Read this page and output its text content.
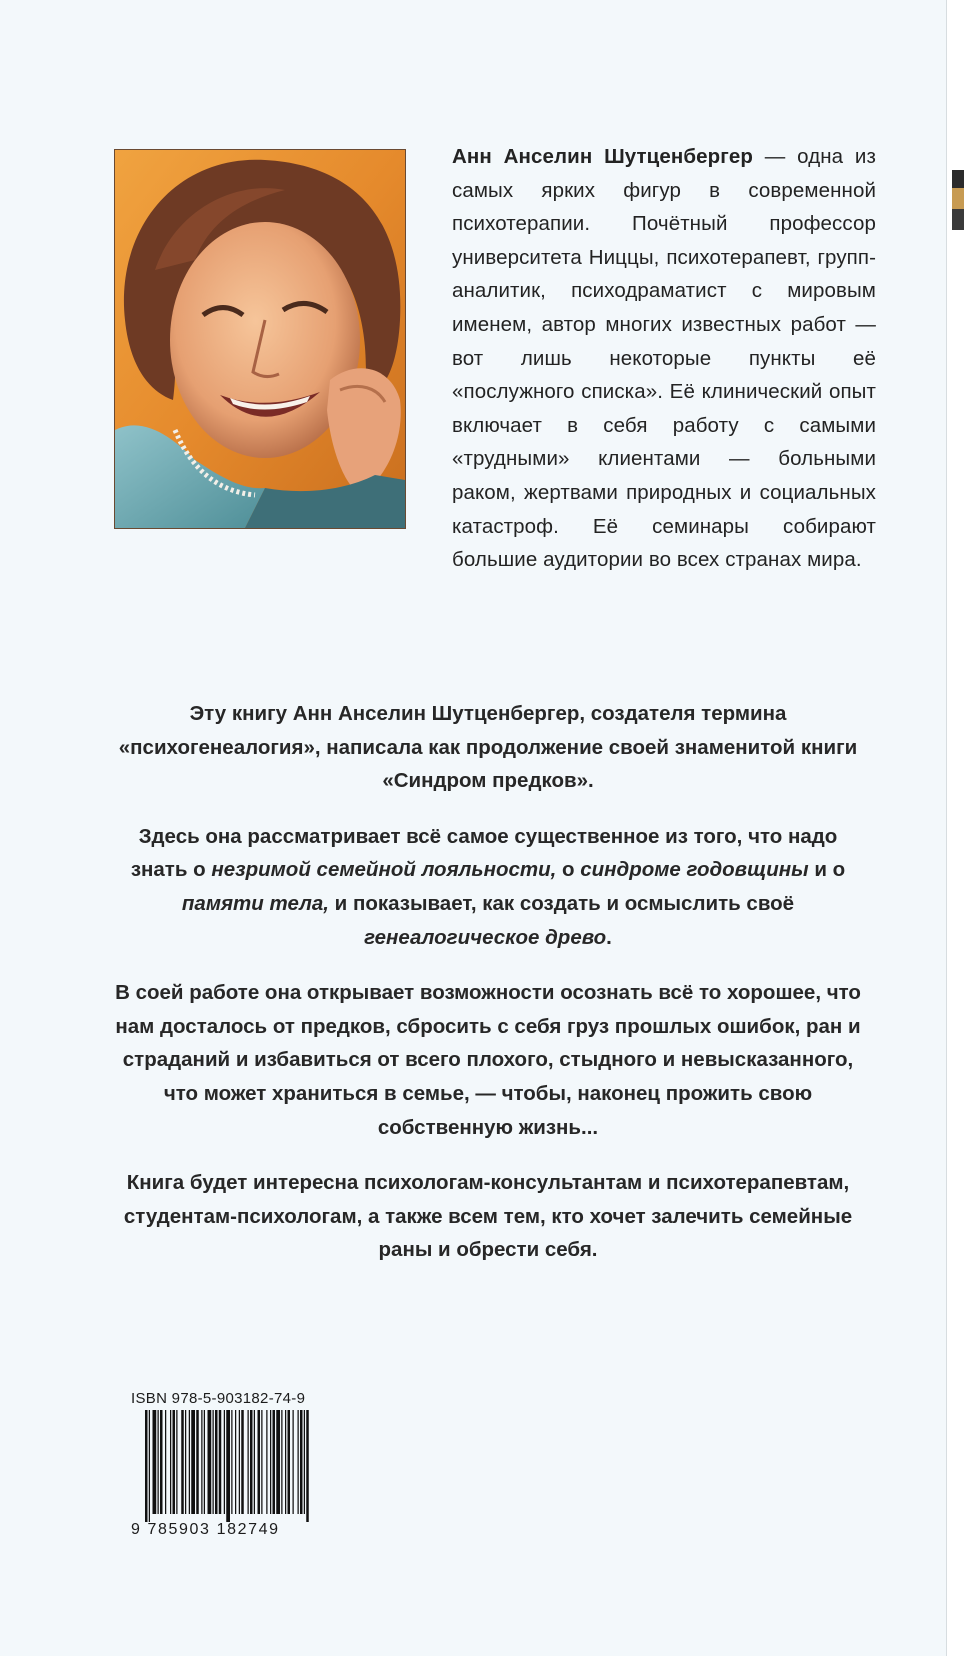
Анн Анселин Шутценбергер — одна из самых ярких фигур в современной психотерапии. Почётный профессор университета Ниццы, психотерапевт, групп-аналитик, психодраматист с мировым именем, автор многих известных работ — вот лишь некоторые пункты её «послужного списка». Её клинический опыт включает в себя работу с самыми «трудными» клиентами — больными раком, жертвами природных и социальных катастроф. Её семинары собирают большие аудитории во всех странах мира.

Эту книгу Анн Анселин Шутценбергер, создателя термина «психогенеалогия», написала как продолжение своей знаменитой книги «Синдром предков».

Здесь она рассматривает всё самое существенное из того, что надо знать о незримой семейной лояльности, о синдроме годовщины и о памяти тела, и показывает, как создать и осмыслить своё генеалогическое древо.

В соей работе она открывает возможности осознать всё то хорошее, что нам досталось от предков, сбросить с себя груз прошлых ошибок, ран и страданий и избавиться от всего плохого, стыдного и невысказанного, что может храниться в семье, — чтобы, наконец прожить свою собственную жизнь...

Книга будет интересна психологам-консультантам и психотерапевтам, студентам-психологам, а также всем тем, кто хочет залечить семейные раны и обрести себя.

ISBN 978-5-903182-74-9
9 785903 182749
